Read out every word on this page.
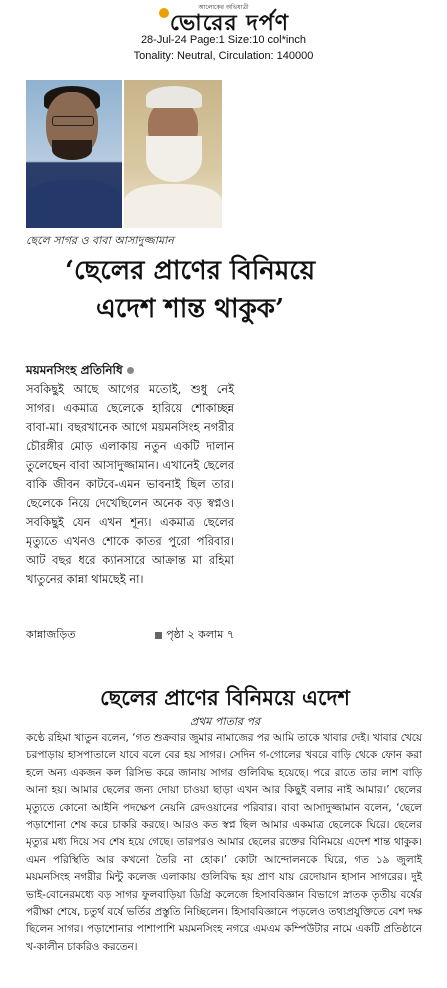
আলোকের অভিযাত্রী
ভোরের দর্পণ
28-Jul-24 Page:1 Size:10 col*inch
Tonality: Neutral, Circulation: 140000
ছেলে সাগর ও বাবা আসাদুজ্জামান
‘ছেলের প্রাণের বিনিময়ে এদেশ শান্ত থাকুক’
ময়মনসিংহ প্রতিনিধি
সবকিছুই আছে আগের মতোই, শুধু নেই সাগর। একমাত্র ছেলেকে হারিয়ে শোকাচ্ছন্ন বাবা-মা। বছরখানেক আগে ময়মনসিংহ নগরীর চৌরঙ্গীর মোড় এলাকায় নতুন একটি দালান তুলেছেন বাবা আসাদুজ্জামান। এখানেই ছেলের বাকি জীবন কাটবে-এমন ভাবনাই ছিল তার। ছেলেকে নিয়ে দেখেছিলেন অনেক বড় স্বপ্নও। সবকিছুই যেন এখন শূন্য। একমাত্র ছেলের মৃত্যুতে এখনও শোকে কাতর পুরো পরিবার। আট বছর ধরে ক্যানসারে আক্রান্ত মা রহিমা খাতুনের কান্না থামছেই না।
কান্নাজড়িত	পৃষ্ঠা ২ কলাম ৭
ছেলের প্রাণের বিনিময়ে এদেশ
প্রথম পাতার পর
কণ্ঠে রহিমা খাতুন বলেন, ‘গত শুক্রবার জুমার নামাজের পর আমি তাকে খাবার দেই। খাবার খেয়ে চরপাড়ায় হাসপাতালে যাবে বলে বের হয় সাগর। সেদিন গ-গোলের খবরে বাড়ি থেকে ফোন করা হলে অন্য একজন কল রিসিভ করে জানায় সাগর গুলিবিদ্ধ হয়েছে। পরে রাতে তার লাশ বাড়ি আনা হয়। আমার ছেলের জন্য দোয়া চাওয়া ছাড়া এখন আর কিছুই বলার নাই আমার।’ ছেলের মৃত্যুতে কোনো আইনি পদক্ষেপ নেয়নি রেদওয়ানের পরিবার। বাবা আসাদুজ্জামান বলেন, ‘ছেলে পড়াশোনা শেষ করে চাকরি করছে। আরও কত স্বপ্ন ছিল আমার একমাত্র ছেলেকে ঘিরে। ছেলের মৃত্যুর মধ্য দিয়ে সব শেষ হয়ে গেছে। তারপরও আমার ছেলের রক্তের বিনিময়ে এদেশ শান্ত থাকুক। এমন পরিস্থিতি আর কখনো তৈরি না হোক।’ কোটা আন্দোলনকে ঘিরে, গত ১৯ জুলাই ময়মনসিংহ নগরীর মিন্টু কলেজ এলাকায় গুলিবিদ্ধ হয় প্রাণ যায় রেদোয়ান হাসান সাগরের। দুই ভাই-বোনেরমধ্যে বড় সাগর ফুলবাড়িয়া ডিগ্রি কলেজে হিসাববিজ্ঞান বিভাগে স্নাতক তৃতীয় বর্ষের পরীক্ষা শেষে, চতুর্থ বর্ষে ভর্তির প্রস্তুতি নিচ্ছিলেন। হিসাববিজ্ঞানে পড়লেও তথ্যপ্রযুক্তিতে বেশ দক্ষ ছিলেন সাগর। পড়াশোনার পাশাপাশি ময়মনসিংহ নগরে এমএম কম্পিউটার নামে একটি প্রতিষ্ঠানে খ-কালীন চাকরিও করতেন।
